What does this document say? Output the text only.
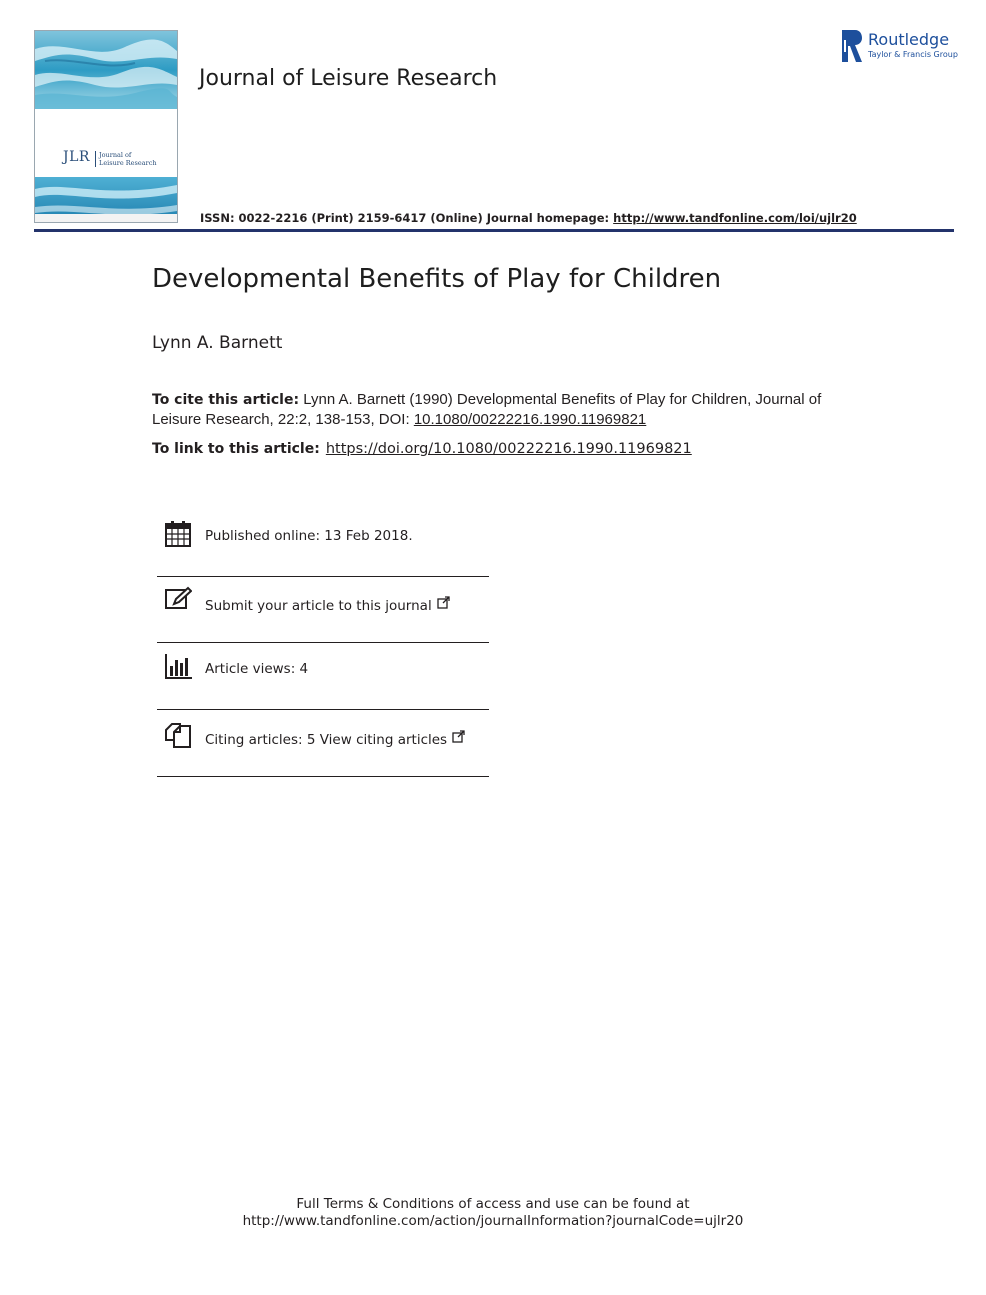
JLR	Journal of
Leisure Research
Journal of Leisure Research
ISSN: 0022-2216 (Print) 2159-6417 (Online) Journal homepage: http://www.tandfonline.com/loi/ujlr20
Routledge
Taylor & Francis Group
Developmental Benefits of Play for Children
Lynn A. Barnett
To cite this article: Lynn A. Barnett (1990) Developmental Benefits of Play for Children, Journal of Leisure Research, 22:2, 138-153, DOI: 10.1080/00222216.1990.11969821
To link to this article: https://doi.org/10.1080/00222216.1990.11969821
Published online: 13 Feb 2018.
Submit your article to this journal
Article views: 4
Citing articles: 5 View citing articles
Full Terms & Conditions of access and use can be found at
http://www.tandfonline.com/action/journalInformation?journalCode=ujlr20
